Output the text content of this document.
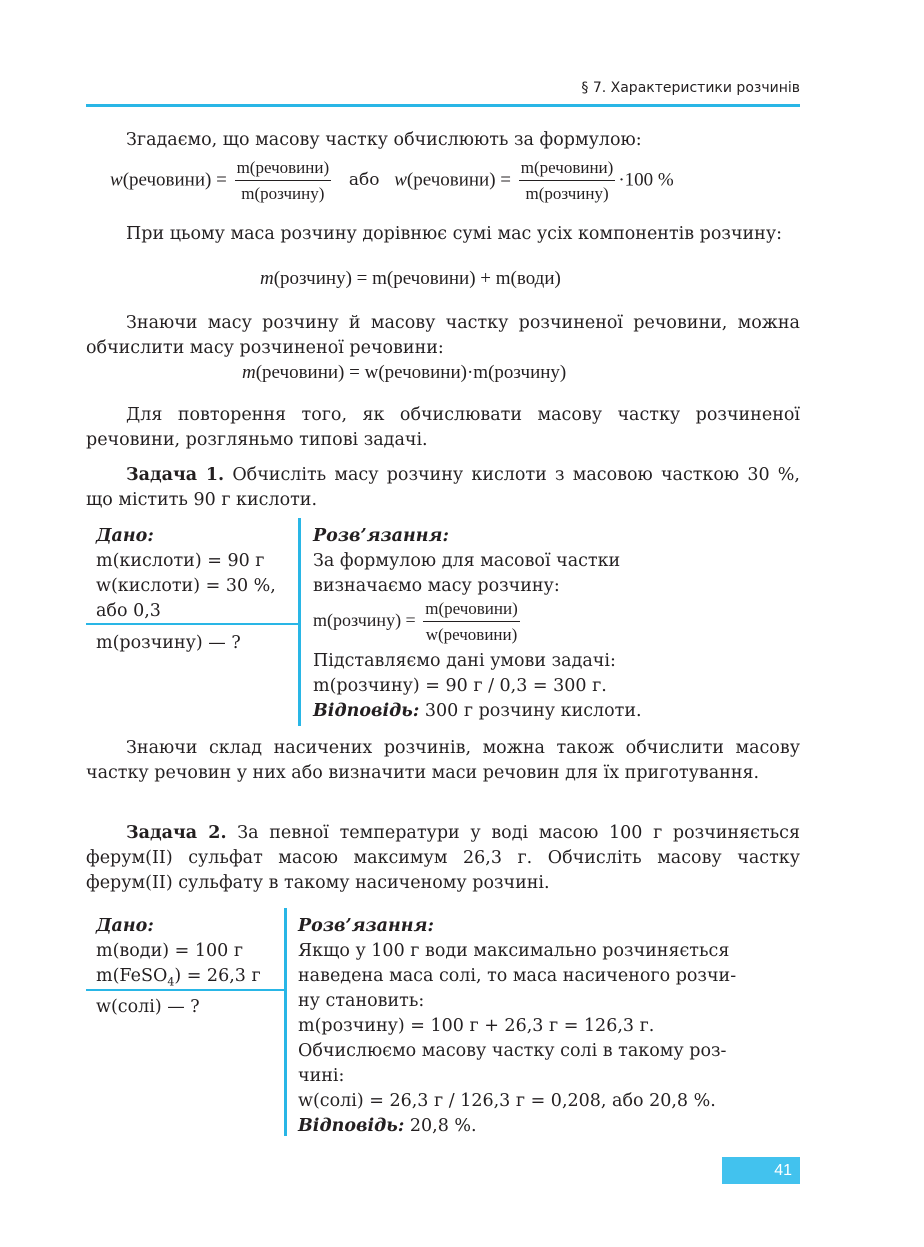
§ 7. Характеристики розчинів

Згадаємо, що масову частку обчислюють за формулою:

w(речовини) = $\frac{\text{m(речовини)}}{\text{m(розчину)}}$ або w(речовини) = $\frac{\text{m(речовини)}}{\text{m(розчину)}} \cdot 100$ %

При цьому маса розчину дорівнює сумі мас усіх компонентів розчину:

m(розчину) = m(речовини) + m(води)

Знаючи масу розчину й масову частку розчиненої речовини, можна обчислити масу розчиненої речовини:

m(речовини) = w(речовини)·m(розчину)

Для повторення того, як обчислювати масову частку розчиненої речовини, розгляньмо типові задачі.

Задача 1. Обчисліть масу розчину кислоти з масовою часткою 30 %, що містить 90 г кислоти.

Дано:
m(кислоти) = 90 г
w(кислоти) = 30 %,
або 0,3
m(розчину) — ?
Розв’язання:
За формулою для масової частки
визначаємо масу розчину:
m(розчину) = $\frac{\text{m(речовини)}}{\text{w(речовини)}}$
Підставляємо дані умови задачі:
m(розчину) = 90 г / 0,3 = 300 г.
Відповідь: 300 г розчину кислоти.

Знаючи склад насичених розчинів, можна також обчислити масову частку речовин у них або визначити маси речовин для їх приготування.

Задача 2. За певної температури у воді масою 100 г розчиняється ферум(II) сульфат масою максимум 26,3 г. Обчисліть масову частку ферум(II) сульфату в такому насиченому розчині.

Дано:
m(води) = 100 г
m(FeSO$_4$) = 26,3 г
w(солі) — ?
Розв’язання:
Якщо у 100 г води максимально розчиняється
наведена маса солі, то маса насиченого розчи-
ну становить:
m(розчину) = 100 г + 26,3 г = 126,3 г.
Обчислюємо масову частку солі в такому роз-
чині:
w(солі) = 26,3 г / 126,3 г = 0,208, або 20,8 %.
Відповідь: 20,8 %.
41
